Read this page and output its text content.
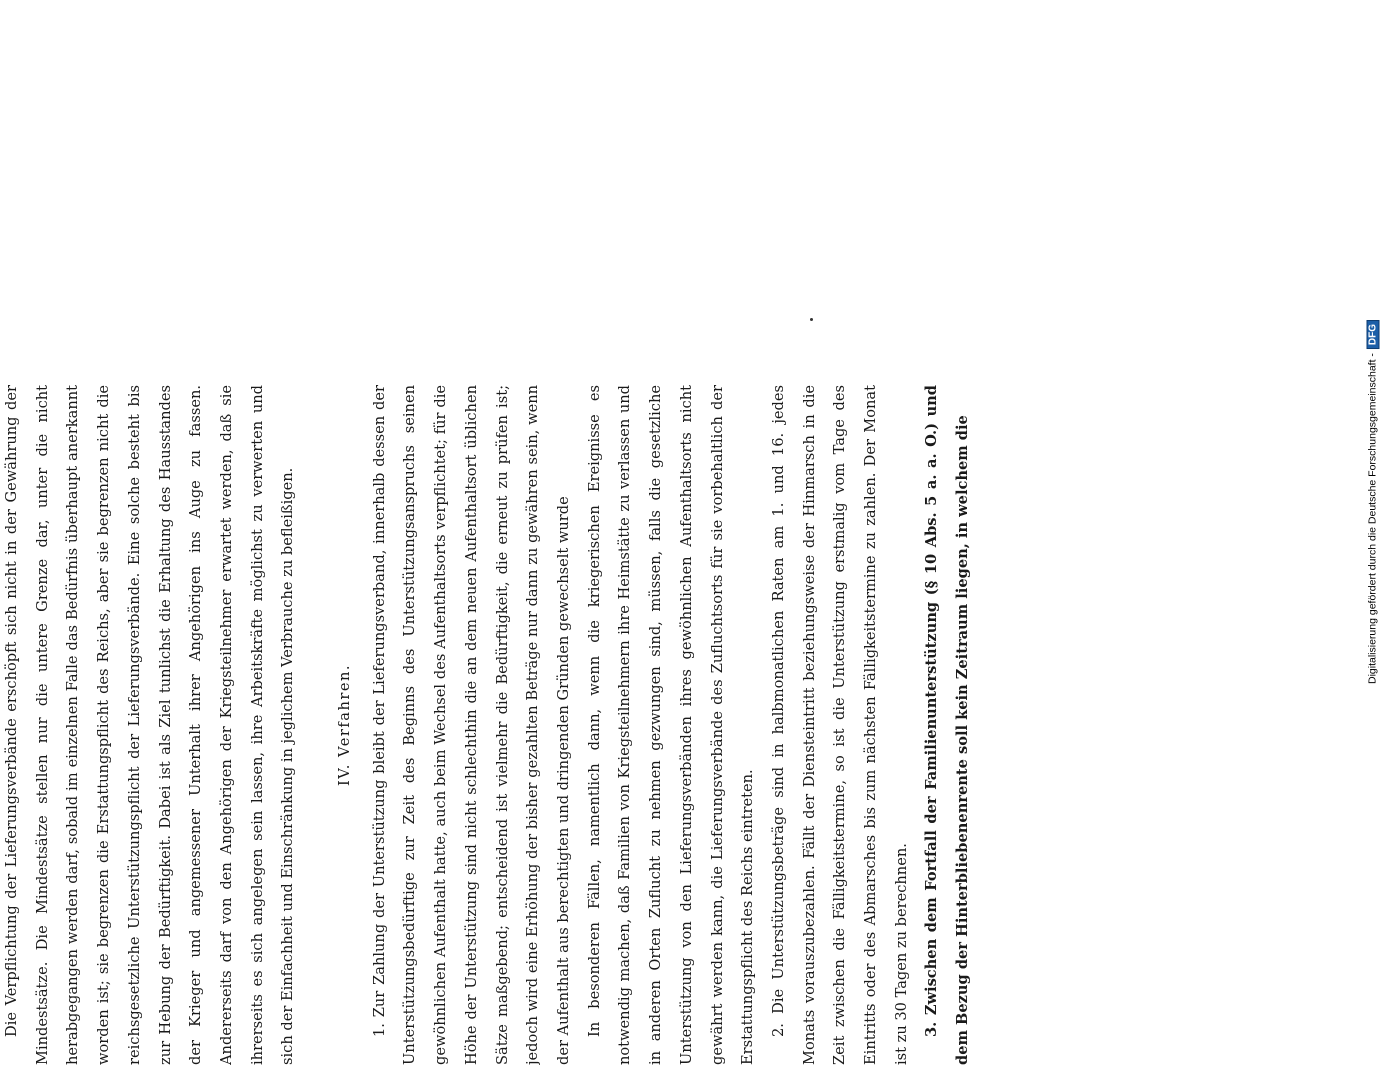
Die Verpflichtung der Lieferungsverbände erschöpft sich nicht in der Gewährung der Mindestsätze. Die Mindestsätze stellen nur die untere Grenze dar, unter die nicht herabgegangen werden darf, sobald im einzelnen Falle das Bedürfnis überhaupt anerkannt worden ist; sie begrenzen die Erstattungspflicht des Reichs, aber sie begrenzen nicht die reichsgesetzliche Unterstützungspflicht der Lieferungsverbände. Eine solche besteht bis zur Hebung der Bedürftigkeit. Dabei ist als Ziel tunlichst die Erhaltung des Hausstandes der Krieger und angemessener Unterhalt ihrer Angehörigen ins Auge zu fassen. Andererseits darf von den Angehörigen der Kriegsteilnehmer erwartet werden, daß sie ihrerseits es sich angelegen sein lassen, ihre Arbeitskräfte möglichst zu verwerten und sich der Einfachheit und Einschränkung in jeglichem Verbrauche zu befleißigen.	IV. Verfahren.	1. Zur Zahlung der Unterstützung bleibt der Lieferungsverband, innerhalb dessen der Unterstützungsbedürftige zur Zeit des Beginns des Unterstützungsanspruchs seinen gewöhnlichen Aufenthalt hatte, auch beim Wechsel des Aufenthaltsorts verpflichtet; für die Höhe der Unterstützung sind nicht schlechthin die an dem neuen Aufenthaltsort üblichen Sätze maßgebend; entscheidend ist vielmehr die Bedürftigkeit, die erneut zu prüfen ist; jedoch wird eine Erhöhung der bisher gezahlten Beträge nur dann zu gewähren sein, wenn der Aufenthalt aus berechtigten und dringenden Gründen gewechselt wurde In besonderen Fällen, namentlich dann, wenn die kriegerischen Ereignisse es notwendig machen, daß Familien von Kriegsteilnehmern ihre Heimstätte zu verlassen und in anderen Orten Zuflucht zu nehmen gezwungen sind, müssen, falls die gesetzliche Unterstützung von den Lieferungsverbänden ihres gewöhnlichen Aufenthaltsorts nicht gewährt werden kann, die Lieferungsverbände des Zufluchtsorts für sie vorbehaltlich der Erstattungspflicht des Reichs eintreten. 2. Die Unterstützungsbeträge sind in halbmonatlichen Raten am 1. und 16. jedes Monats vorauszubezahlen. Fällt der Diensteintritt beziehungsweise der Hinmarsch in die Zeit zwischen die Fälligkeitstermine, so ist die Unterstützung erstmalig vom Tage des Eintritts oder des Abmarsches bis zum nächsten Fälligkeitstermine zu zahlen. Der Monat ist zu 30 Tagen zu berechnen. 3. Zwischen dem Fortfall der Familienunterstützung (§ 10 Abs. 5 a. a. O.) und dem Bezug der Hinterbliebenenrente soll kein Zeitraum liegen, in welchem die	Digitalisierung gefördert durch die Deutsche Forschungsgemeinschaft -DFG
